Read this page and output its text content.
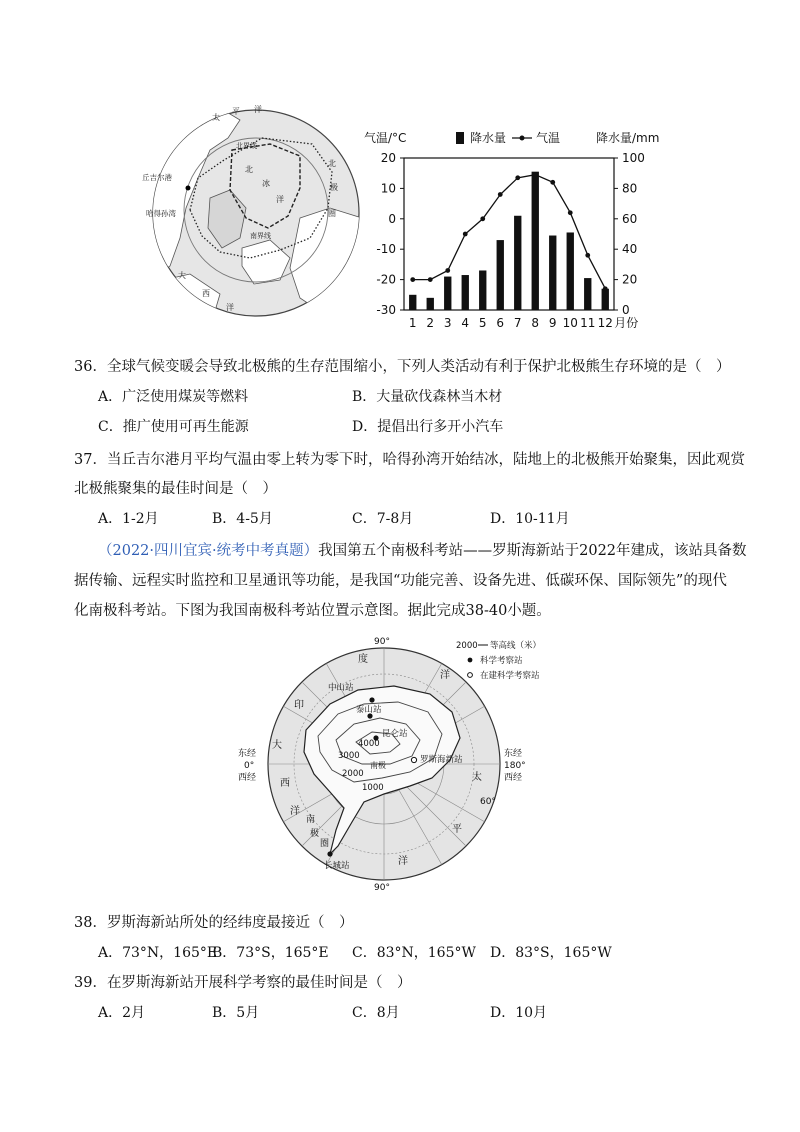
太
平 洋
北界线
北
冰
洋
北
极
圈
南界线
丘吉尔港
哈得孙湾
大
西
洋
气温/°C	降水量 气温	降水量/mm
20
10
0
-10
-20
-30
100
80
60
40
20
0
1 2 3 4 5 6 7 8 9 10 11 12 月份
36．全球气候变暖会导致北极熊的生存范围缩小，下列人类活动有利于保护北极熊生存环境的是（　）
A．广泛使用煤炭等燃料	B．大量砍伐森林当木材
C．推广使用可再生能源	D．提倡出行多开小汽车
37．当丘吉尔港月平均气温由零上转为零下时，哈得孙湾开始结冰，陆地上的北极熊开始聚集，因此观赏
北极熊聚集的最佳时间是（　）
A．1-2月	B．4-5月	C．7-8月	D．10-11月
（2022·四川宜宾·统考中考真题）我国第五个南极科考站——罗斯海新站于2022年建成，该站具备数
据传输、远程实时监控和卫星通讯等功能，是我国“功能完善、设备先进、低碳环保、国际领先”的现代
化南极科考站。下图为我国南极科考站位置示意图。据此完成38-40小题。
90°
90°
东经
0°
西经
东经
180°
西经
60°
印
度
洋
大
西
洋
太
平
洋
中山站
泰山站
昆仑站
罗斯海新站
南极
4000
3000
2000
1000
南
极
圈
长城站
2000 等高线（米）
科学考察站
在建科学考察站
38．罗斯海新站所处的经纬度最接近（　）
A．73°N，165°E
B．73°S，165°E C．83°N，165°W D．83°S，165°W
39．在罗斯海新站开展科学考察的最佳时间是（　）
A．2月	B．5月	C．8月	D．10月
